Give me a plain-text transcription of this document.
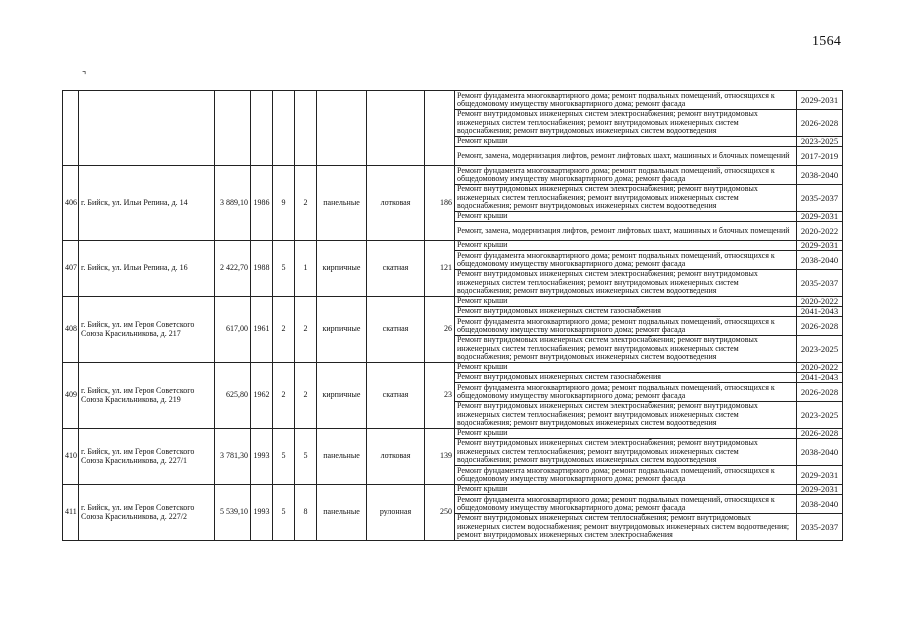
1564
⌝
									Ремонт фундамента многоквартирного дома; ремонт подвальных помещений, относящихся к общедомовому имуществу многоквартирного дома; ремонт фасада	2029-2031
									Ремонт внутридомовых инженерных систем электроснабжения; ремонт внутридомовых инженерных систем теплоснабжения; ремонт внутридомовых инженерных систем водоснабжения; ремонт внутридомовых инженерных систем водоотведения	2026-2028
									Ремонт крыши	2023-2025
									Ремонт, замена, модернизация лифтов, ремонт лифтовых шахт, машинных и блочных помещений	2017-2019
406	г. Бийск, ул. Ильи Репина, д. 14	3 889,10	1986	9	2	панельные	лотковая	186	Ремонт фундамента многоквартирного дома; ремонт подвальных помещений, относящихся к общедомовому имуществу многоквартирного дома; ремонт фасада	2038-2040
									Ремонт внутридомовых инженерных систем электроснабжения; ремонт внутридомовых инженерных систем теплоснабжения; ремонт внутридомовых инженерных систем водоснабжения; ремонт внутридомовых инженерных систем водоотведения	2035-2037
									Ремонт крыши	2029-2031
									Ремонт, замена, модернизация лифтов, ремонт лифтовых шахт, машинных и блочных помещений	2020-2022
407	г. Бийск, ул. Ильи Репина, д. 16	2 422,70	1988	5	1	кирпичные	скатная	121	Ремонт крыши	2029-2031
									Ремонт фундамента многоквартирного дома; ремонт подвальных помещений, относящихся к общедомовому имуществу многоквартирного дома; ремонт фасада	2038-2040
									Ремонт внутридомовых инженерных систем электроснабжения; ремонт внутридомовых инженерных систем теплоснабжения; ремонт внутридомовых инженерных систем водоснабжения; ремонт внутридомовых инженерных систем водоотведения	2035-2037
408	г. Бийск, ул. им Героя Советского Союза Красильникова, д. 217	617,00	1961	2	2	кирпичные	скатная	26	Ремонт крыши	2020-2022
									Ремонт внутридомовых инженерных систем газоснабжения	2041-2043
									Ремонт фундамента многоквартирного дома; ремонт подвальных помещений, относящихся к общедомовому имуществу многоквартирного дома; ремонт фасада	2026-2028
									Ремонт внутридомовых инженерных систем электроснабжения; ремонт внутридомовых инженерных систем теплоснабжения; ремонт внутридомовых инженерных систем водоснабжения; ремонт внутридомовых инженерных систем водоотведения	2023-2025
409	г. Бийск, ул. им Героя Советского Союза Красильникова, д. 219	625,80	1962	2	2	кирпичные	скатная	23	Ремонт крыши	2020-2022
									Ремонт внутридомовых инженерных систем газоснабжения	2041-2043
									Ремонт фундамента многоквартирного дома; ремонт подвальных помещений, относящихся к общедомовому имуществу многоквартирного дома; ремонт фасада	2026-2028
									Ремонт внутридомовых инженерных систем электроснабжения; ремонт внутридомовых инженерных систем теплоснабжения; ремонт внутридомовых инженерных систем водоснабжения; ремонт внутридомовых инженерных систем водоотведения	2023-2025
410	г. Бийск, ул. им Героя Советского Союза Красильникова, д. 227/1	3 781,30	1993	5	5	панельные	лотковая	139	Ремонт крыши	2026-2028
									Ремонт внутридомовых инженерных систем электроснабжения; ремонт внутридомовых инженерных систем теплоснабжения; ремонт внутридомовых инженерных систем водоснабжения; ремонт внутридомовых инженерных систем водоотведения	2038-2040
									Ремонт фундамента многоквартирного дома; ремонт подвальных помещений, относящихся к общедомовому имуществу многоквартирного дома; ремонт фасада	2029-2031
411	г. Бийск, ул. им Героя Советского Союза Красильникова, д. 227/2	5 539,10	1993	5	8	панельные	рулонная	250	Ремонт крыши	2029-2031
									Ремонт фундамента многоквартирного дома; ремонт подвальных помещений, относящихся к общедомовому имуществу многоквартирного дома; ремонт фасада	2038-2040
									Ремонт внутридомовых инженерных систем теплоснабжения; ремонт внутридомовых инженерных систем водоснабжения; ремонт внутридомовых инженерных систем водоотведения; ремонт внутридомовых инженерных систем электроснабжения	2035-2037
